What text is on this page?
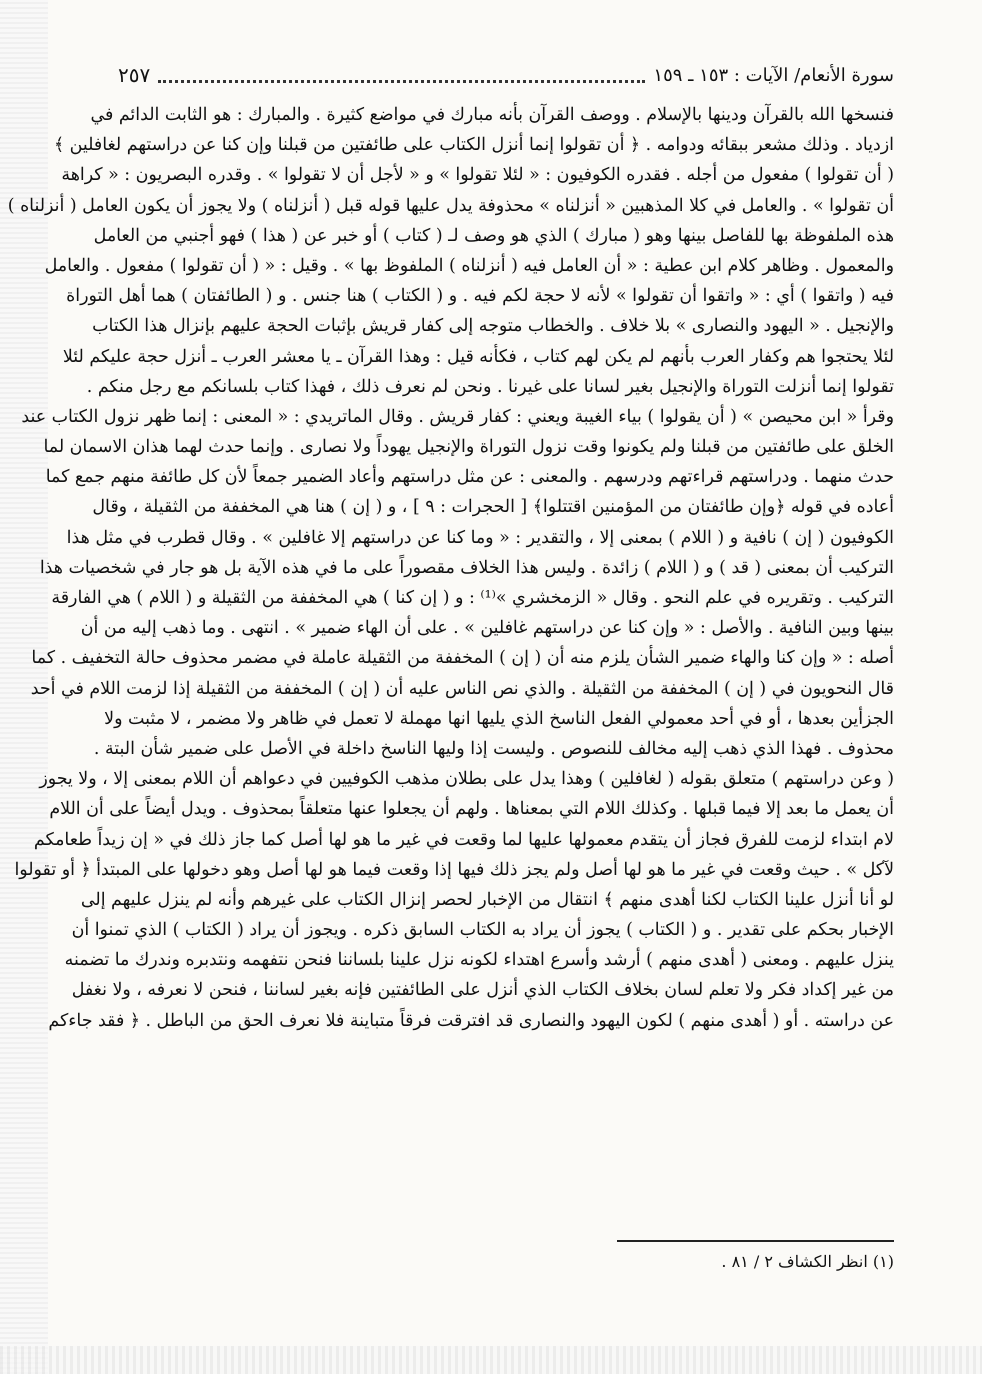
سورة الأنعام/ الآيات : ١٥٣ ـ ١٥٩
٢٥٧
فنسخها الله بالقرآن ودينها بالإسلام . ووصف القرآن بأنه مبارك في مواضع كثيرة . والمبارك : هو الثابت الدائم في
ازدياد . وذلك مشعر ببقائه ودوامه . ﴿ أن تقولوا إنما أنزل الكتاب على طائفتين من قبلنا وإن كنا عن دراستهم لغافلين ﴾
( أن تقولوا ) مفعول من أجله . فقدره الكوفيون : « لئلا تقولوا » و « لأجل أن لا تقولوا » . وقدره البصريون : « كراهة
أن تقولوا » . والعامل في كلا المذهبين « أنزلناه » محذوفة يدل عليها قوله قبل ( أنزلناه ) ولا يجوز أن يكون العامل ( أنزلناه )
هذه الملفوظة بها للفاصل بينها وهو ( مبارك ) الذي هو وصف لـ ( كتاب ) أو خبر عن ( هذا ) فهو أجنبي من العامل
والمعمول . وظاهر كلام ابن عطية : « أن العامل فيه ( أنزلناه ) الملفوظ بها » . وقيل : « ( أن تقولوا ) مفعول . والعامل
فيه ( واتقوا ) أي : « واتقوا أن تقولوا » لأنه لا حجة لكم فيه . و ( الكتاب ) هنا جنس . و ( الطائفتان ) هما أهل التوراة
والإنجيل . « اليهود والنصارى » بلا خلاف . والخطاب متوجه إلى كفار قريش بإثبات الحجة عليهم بإنزال هذا الكتاب
لئلا يحتجوا هم وكفار العرب بأنهم لم يكن لهم كتاب ، فكأنه قيل : وهذا القرآن ـ يا معشر العرب ـ أنزل حجة عليكم لئلا
تقولوا إنما أنزلت التوراة والإنجيل بغير لسانا على غيرنا . ونحن لم نعرف ذلك ، فهذا كتاب بلسانكم مع رجل منكم .
وقرأ « ابن محيصن » ( أن يقولوا ) بياء الغيبة ويعني : كفار قريش . وقال الماتريدي : « المعنى : إنما ظهر نزول الكتاب عند
الخلق على طائفتين من قبلنا ولم يكونوا وقت نزول التوراة والإنجيل يهوداً ولا نصارى . وإنما حدث لهما هذان الاسمان لما
حدث منهما . ودراستهم قراءتهم ودرسهم . والمعنى : عن مثل دراستهم وأعاد الضمير جمعاً لأن كل طائفة منهم جمع كما
أعاده في قوله ﴿وإن طائفتان من المؤمنين اقتتلوا﴾ [ الحجرات : ٩ ] ، و ( إن ) هنا هي المخففة من الثقيلة ، وقال
الكوفيون ( إن ) نافية و ( اللام ) بمعنى إلا ، والتقدير : « وما كنا عن دراستهم إلا غافلين » . وقال قطرب في مثل هذا
التركيب أن بمعنى ( قد ) و ( اللام ) زائدة . وليس هذا الخلاف مقصوراً على ما في هذه الآية بل هو جار في شخصيات هذا
التركيب . وتقريره في علم النحو . وقال « الزمخشري »⁽¹⁾ : و ( إن كنا ) هي المخففة من الثقيلة و ( اللام ) هي الفارقة
بينها وبين النافية . والأصل : « وإن كنا عن دراستهم غافلين » . على أن الهاء ضمير » . انتهى . وما ذهب إليه من أن
أصله : « وإن كنا والهاء ضمير الشأن يلزم منه أن ( إن ) المخففة من الثقيلة عاملة في مضمر محذوف حالة التخفيف . كما
قال النحويون في ( إن ) المخففة من الثقيلة . والذي نص الناس عليه أن ( إن ) المخففة من الثقيلة إذا لزمت اللام في أحد
الجزأين بعدها ، أو في أحد معمولي الفعل الناسخ الذي يليها انها مهملة لا تعمل في ظاهر ولا مضمر ، لا مثبت ولا
محذوف . فهذا الذي ذهب إليه مخالف للنصوص . وليست إذا وليها الناسخ داخلة في الأصل على ضمير شأن البتة .
( وعن دراستهم ) متعلق بقوله ( لغافلين ) وهذا يدل على بطلان مذهب الكوفيين في دعواهم أن اللام بمعنى إلا ، ولا يجوز
أن يعمل ما بعد إلا فيما قبلها . وكذلك اللام التي بمعناها . ولهم أن يجعلوا عنها متعلقاً بمحذوف . ويدل أيضاً على أن اللام
لام ابتداء لزمت للفرق فجاز أن يتقدم معمولها عليها لما وقعت في غير ما هو لها أصل كما جاز ذلك في « إن زيداً طعامكم
لآكل » . حيث وقعت في غير ما هو لها أصل ولم يجز ذلك فيها إذا وقعت فيما هو لها أصل وهو دخولها على المبتدأ ﴿ أو تقولوا
لو أنا أنزل علينا الكتاب لكنا أهدى منهم ﴾ انتقال من الإخبار لحصر إنزال الكتاب على غيرهم وأنه لم ينزل عليهم إلى
الإخبار بحكم على تقدير . و ( الكتاب ) يجوز أن يراد به الكتاب السابق ذكره . ويجوز أن يراد ( الكتاب ) الذي تمنوا أن
ينزل عليهم . ومعنى ( أهدى منهم ) أرشد وأسرع اهتداء لكونه نزل علينا بلساننا فنحن نتفهمه ونتدبره وندرك ما تضمنه
من غير إكداد فكر ولا تعلم لسان بخلاف الكتاب الذي أنزل على الطائفتين فإنه بغير لساننا ، فنحن لا نعرفه ، ولا نغفل
عن دراسته . أو ( أهدى منهم ) لكون اليهود والنصارى قد افترقت فرقاً متباينة فلا نعرف الحق من الباطل . ﴿ فقد جاءكم
(١) انظر الكشاف ٢ / ٨١ .
